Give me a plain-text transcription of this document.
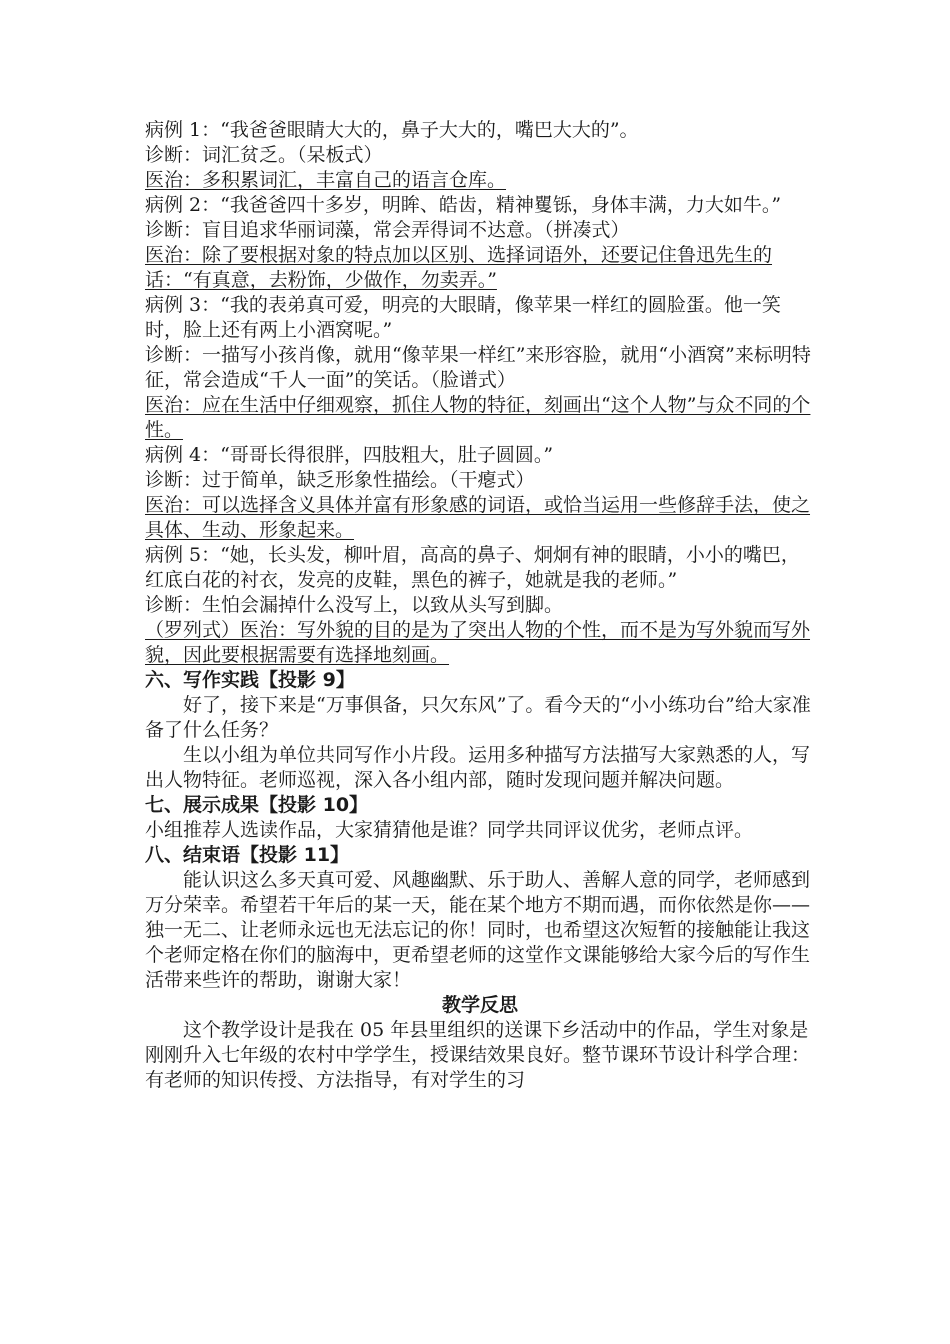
病例 1：“我爸爸眼睛大大的，鼻子大大的，嘴巴大大的”。

诊断：词汇贫乏。（呆板式）

医治：多积累词汇，丰富自己的语言仓库。

病例 2：“我爸爸四十多岁，明眸、皓齿，精神矍铄，身体丰满，力大如牛。”

诊断：盲目追求华丽词藻，常会弄得词不达意。（拼凑式）

医治：除了要根据对象的特点加以区别、选择词语外，还要记住鲁迅先生的话：“有真意，去粉饰，少做作，勿卖弄。”

病例 3：“我的表弟真可爱，明亮的大眼睛，像苹果一样红的圆脸蛋。他一笑时，脸上还有两上小酒窝呢。”

诊断：一描写小孩肖像，就用“像苹果一样红”来形容脸，就用“小酒窝”来标明特征，常会造成“千人一面”的笑话。（脸谱式）

医治：应在生活中仔细观察，抓住人物的特征，刻画出“这个人物”与众不同的个性。

病例 4：“哥哥长得很胖，四肢粗大，肚子圆圆。”

诊断：过于简单，缺乏形象性描绘。（干瘪式）

医治：可以选择含义具体并富有形象感的词语，或恰当运用一些修辞手法，使之具体、生动、形象起来。

病例 5：“她，长头发，柳叶眉，高高的鼻子、炯炯有神的眼睛，小小的嘴巴，红底白花的衬衣，发亮的皮鞋，黑色的裤子，她就是我的老师。”

诊断：生怕会漏掉什么没写上，以致从头写到脚。

（罗列式）医治：写外貌的目的是为了突出人物的个性，而不是为写外貌而写外貌，因此要根据需要有选择地刻画。

六、写作实践【投影 9】

好了，接下来是“万事俱备，只欠东风”了。看今天的“小小练功台”给大家准备了什么任务？

生以小组为单位共同写作小片段。运用多种描写方法描写大家熟悉的人，写出人物特征。老师巡视，深入各小组内部，随时发现问题并解决问题。

七、展示成果【投影 10】

小组推荐人选读作品，大家猜猜他是谁？同学共同评议优劣，老师点评。

八、结束语【投影 11】

能认识这么多天真可爱、风趣幽默、乐于助人、善解人意的同学，老师感到万分荣幸。希望若干年后的某一天，能在某个地方不期而遇，而你依然是你——独一无二、让老师永远也无法忘记的你！同时，也希望这次短暂的接触能让我这个老师定格在你们的脑海中，更希望老师的这堂作文课能够给大家今后的写作生活带来些许的帮助，谢谢大家！

教学反思

这个教学设计是我在 05 年县里组织的送课下乡活动中的作品，学生对象是刚刚升入七年级的农村中学学生，授课结效果良好。整节课环节设计科学合理：有老师的知识传授、方法指导，有对学生的习
